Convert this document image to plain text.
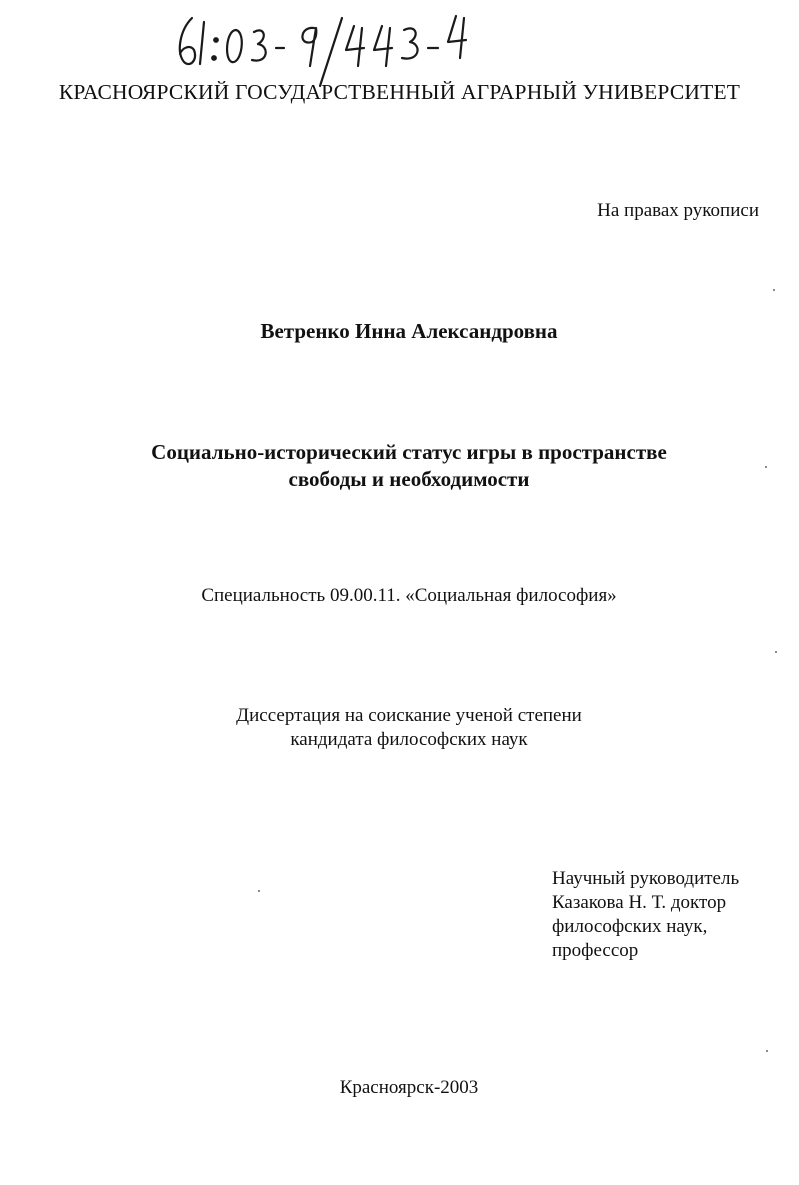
КРАСНОЯРСКИЙ ГОСУДАРСТВЕННЫЙ АГРАРНЫЙ УНИВЕРСИТЕТ
На правах рукописи
Ветренко Инна Александровна
Социально-исторический статус игры в пространстве
свободы и необходимости
Специальность 09.00.11. «Социальная философия»
Диссертация на соискание ученой степени
кандидата философских наук
Научный руководитель
Казакова Н. Т. доктор
философских наук,
профессор
Красноярск-2003
